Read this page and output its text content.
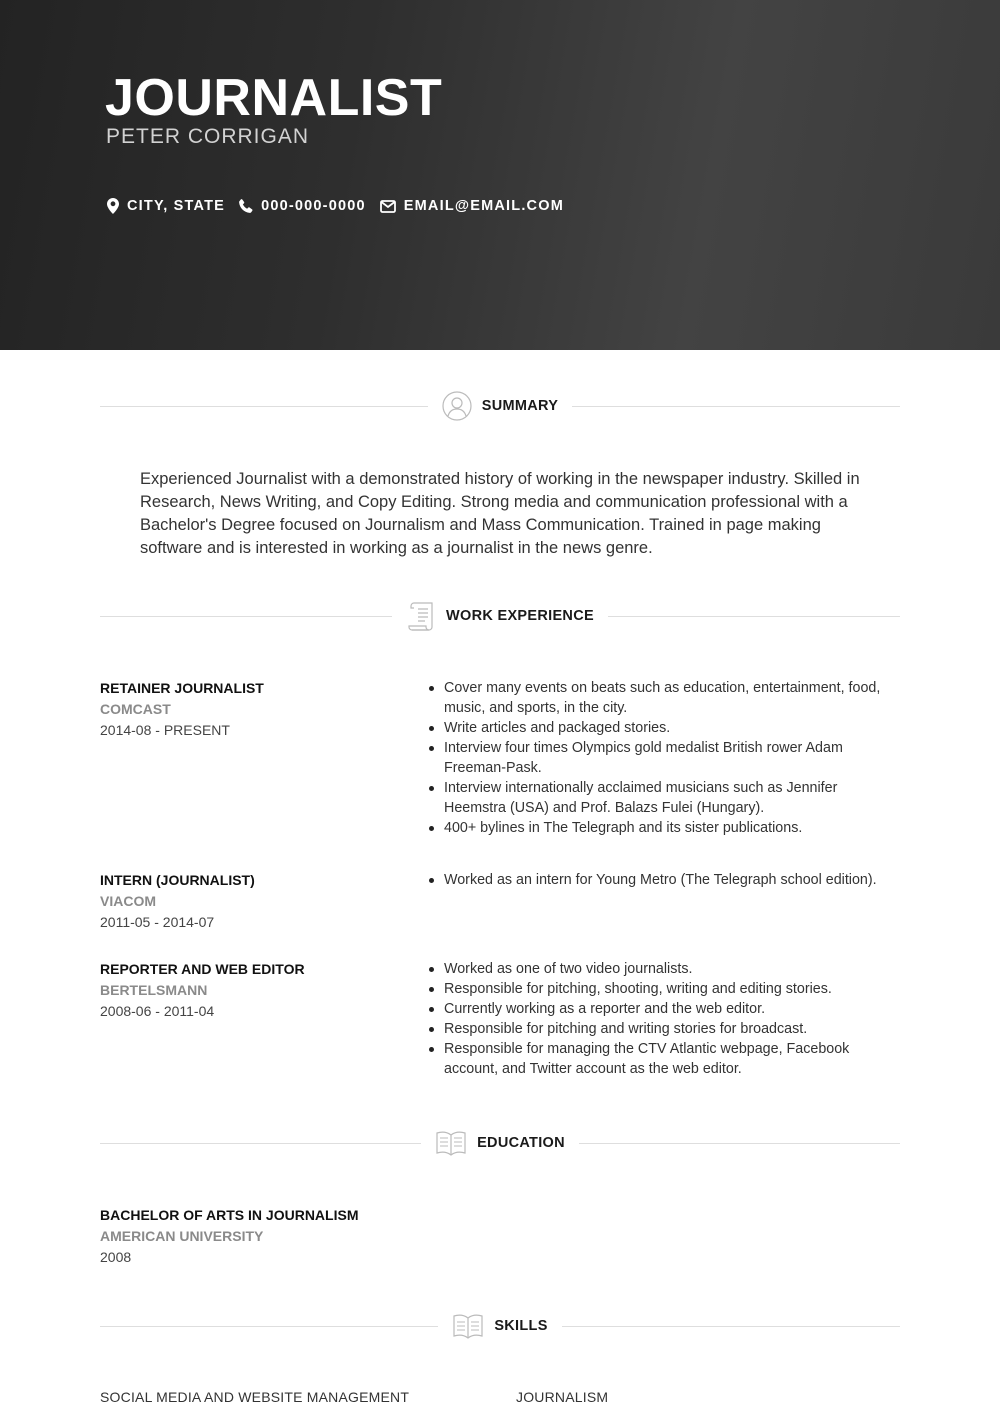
JOURNALIST
PETER CORRIGAN
CITY, STATE 000-000-0000	EMAIL@EMAIL.COM
SUMMARY
Experienced Journalist with a demonstrated history of working in the newspaper industry. Skilled in Research, News Writing, and Copy Editing. Strong media and communication professional with a Bachelor's Degree focused on Journalism and Mass Communication. Trained in page making software and is interested in working as a journalist in the news genre.
WORK EXPERIENCE
RETAINER JOURNALIST
COMCAST
2014-08 - PRESENT
Cover many events on beats such as education, entertainment, food, music, and sports, in the city.
Write articles and packaged stories.
Interview four times Olympics gold medalist British rower Adam Freeman-Pask.
Interview internationally acclaimed musicians such as Jennifer Heemstra (USA) and Prof. Balazs Fulei (Hungary).
400+ bylines in The Telegraph and its sister publications.
INTERN (JOURNALIST)
VIACOM
2011-05 - 2014-07
Worked as an intern for Young Metro (The Telegraph school edition).
REPORTER AND WEB EDITOR
BERTELSMANN
2008-06 - 2011-04
Worked as one of two video journalists.
Responsible for pitching, shooting, writing and editing stories.
Currently working as a reporter and the web editor.
Responsible for pitching and writing stories for broadcast.
Responsible for managing the CTV Atlantic webpage, Facebook account, and Twitter account as the web editor.
EDUCATION
BACHELOR OF ARTS IN JOURNALISM
AMERICAN UNIVERSITY
2008
SKILLS
SOCIAL MEDIA AND WEBSITE MANAGEMENT	JOURNALISM
